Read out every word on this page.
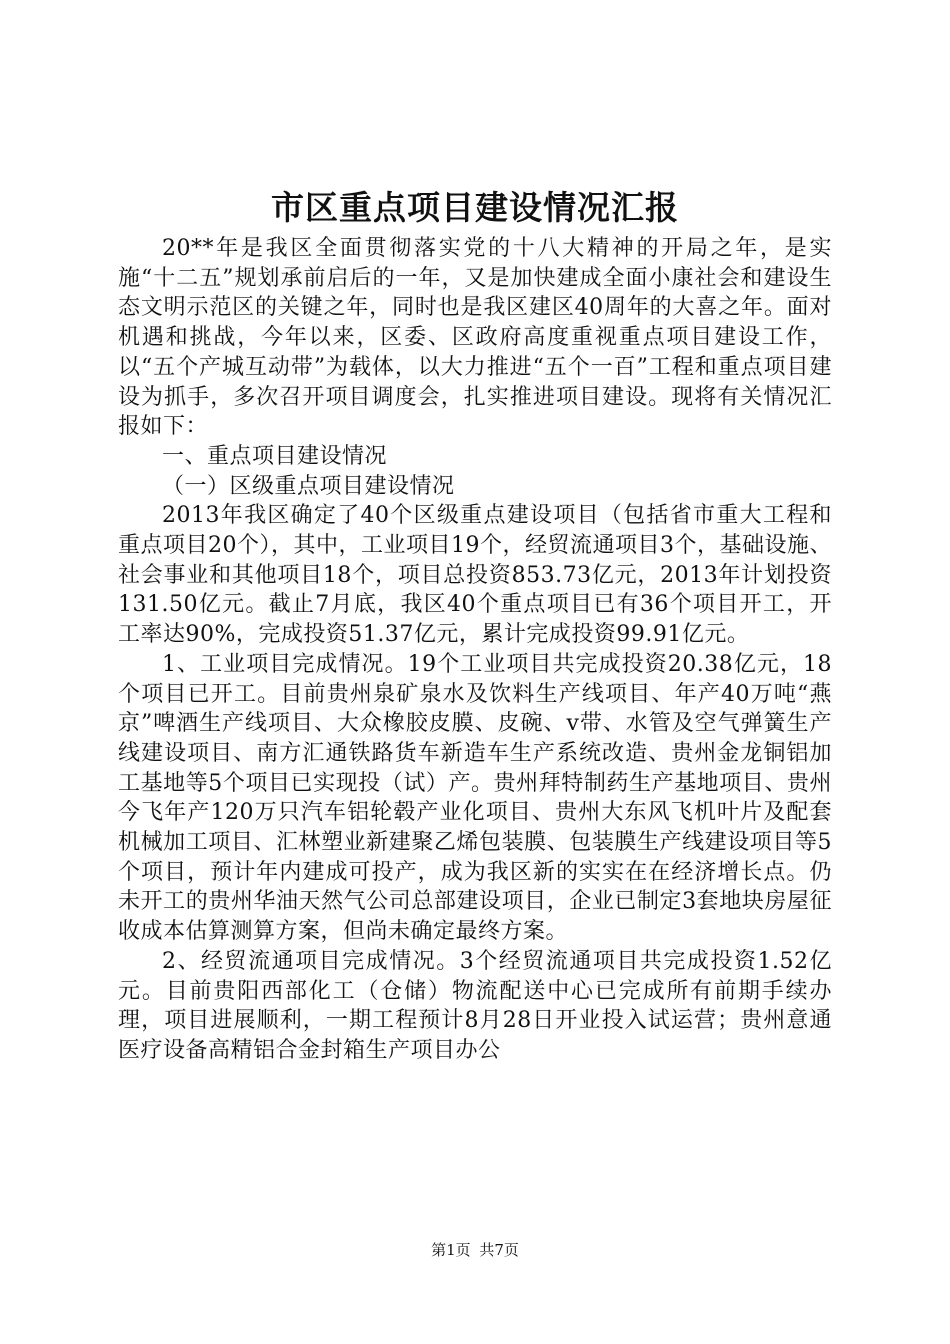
市区重点项目建设情况汇报

20**年是我区全面贯彻落实党的十八大精神的开局之年，是实施“十二五”规划承前启后的一年，又是加快建成全面小康社会和建设生态文明示范区的关键之年，同时也是我区建区40周年的大喜之年。面对机遇和挑战，今年以来，区委、区政府高度重视重点项目建设工作，以“五个产城互动带”为载体，以大力推进“五个一百”工程和重点项目建设为抓手，多次召开项目调度会，扎实推进项目建设。现将有关情况汇报如下：

一、重点项目建设情况

（一）区级重点项目建设情况

2013年我区确定了40个区级重点建设项目（包括省市重大工程和重点项目20个），其中，工业项目19个，经贸流通项目3个，基础设施、社会事业和其他项目18个，项目总投资853.73亿元，2013年计划投资131.50亿元。截止7月底，我区40个重点项目已有36个项目开工，开工率达90%，完成投资51.37亿元，累计完成投资99.91亿元。

1、工业项目完成情况。19个工业项目共完成投资20.38亿元，18个项目已开工。目前贵州泉矿泉水及饮料生产线项目、年产40万吨“燕京”啤酒生产线项目、大众橡胶皮膜、皮碗、v带、水管及空气弹簧生产线建设项目、南方汇通铁路货车新造车生产系统改造、贵州金龙铜铝加工基地等5个项目已实现投（试）产。贵州拜特制药生产基地项目、贵州今飞年产120万只汽车铝轮毂产业化项目、贵州大东风飞机叶片及配套机械加工项目、汇林塑业新建聚乙烯包装膜、包装膜生产线建设项目等5个项目，预计年内建成可投产，成为我区新的实实在在经济增长点。仍未开工的贵州华油天然气公司总部建设项目，企业已制定3套地块房屋征收成本估算测算方案，但尚未确定最终方案。

2、经贸流通项目完成情况。3个经贸流通项目共完成投资1.52亿元。目前贵阳西部化工（仓储）物流配送中心已完成所有前期手续办理，项目进展顺利，一期工程预计8月28日开业投入试运营；贵州意通医疗设备高精铝合金封箱生产项目办公

第1页 共7页
